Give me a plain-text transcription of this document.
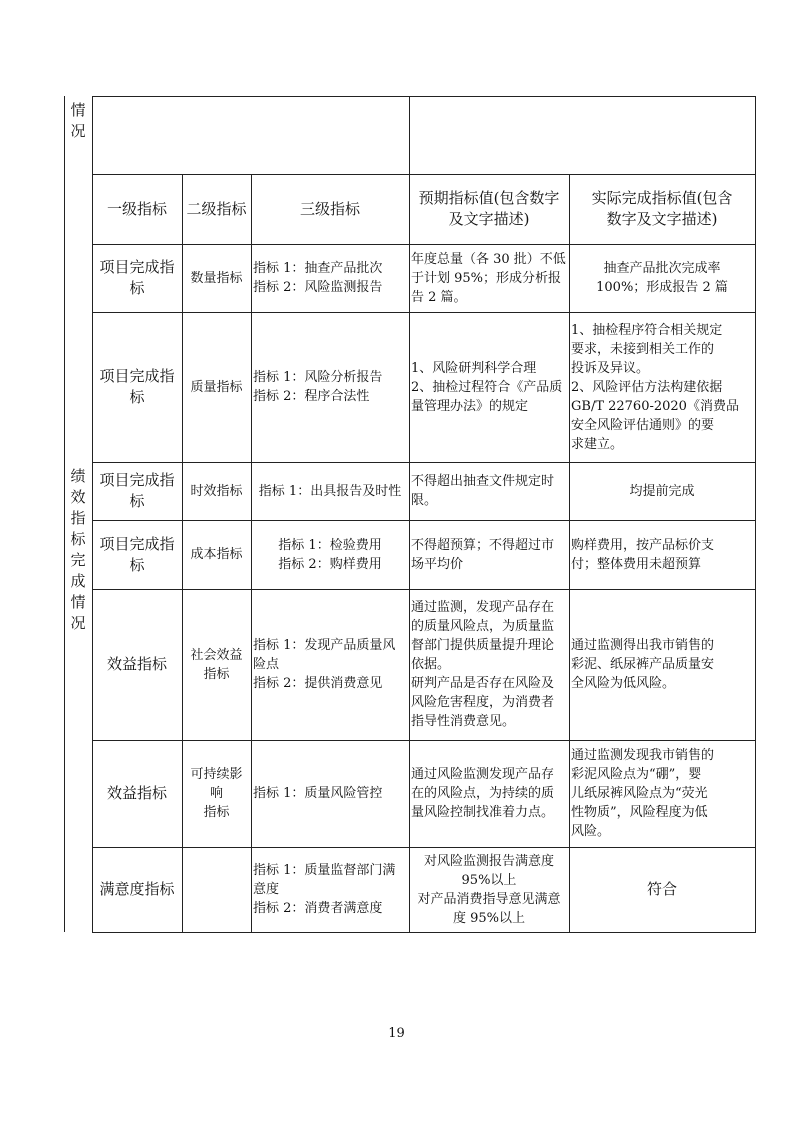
情
况
绩
效
指
标
完
成
情
况
一级指标 二级指标	三级指标
预期指标值(包含数字
及文字描述)
实际完成指标值(包含
数字及文字描述)
项目完成指
标
数量指标
指标 1：抽查产品批次
指标 2：风险监测报告
年度总量（各 30 批）不低
于计划 95%；形成分析报
告 2 篇。
抽查产品批次完成率
100%；形成报告 2 篇
项目完成指
标
质量指标
指标 1：风险分析报告
指标 2：程序合法性
1、风险研判科学合理
2、抽检过程符合《产品质
量管理办法》的规定
1、抽检程序符合相关规定
要求，未接到相关工作的
投诉及异议。
2、风险评估方法构建依据
GB/T 22760-2020《消费品
安全风险评估通则》的要
求建立。
项目完成指
标
时效指标 指标 1：出具报告及时性
不得超出抽查文件规定时
限。
均提前完成
项目完成指
标
成本指标
指标 1：检验费用
指标 2：购样费用
不得超预算；不得超过市
场平均价
购样费用，按产品标价支
付；整体费用未超预算
效益指标 社会效益
指标
指标 1：发现产品质量风
险点
指标 2：提供消费意见
通过监测，发现产品存在
的质量风险点，为质量监
督部门提供质量提升理论
依据。
研判产品是否存在风险及
风险危害程度，为消费者
指导性消费意见。
通过监测得出我市销售的
彩泥、纸尿裤产品质量安
全风险为低风险。
效益指标
可持续影
响
指标
指标 1：质量风险管控
通过风险监测发现产品存
在的风险点，为持续的质
量风险控制找准着力点。
通过监测发现我市销售的
彩泥风险点为“硼”，婴
儿纸尿裤风险点为“荧光
性物质”，风险程度为低
风险。
满意度指标
指标 1：质量监督部门满
意度
指标 2：消费者满意度
对风险监测报告满意度
95%以上
对产品消费指导意见满意
度 95%以上
符合
19
